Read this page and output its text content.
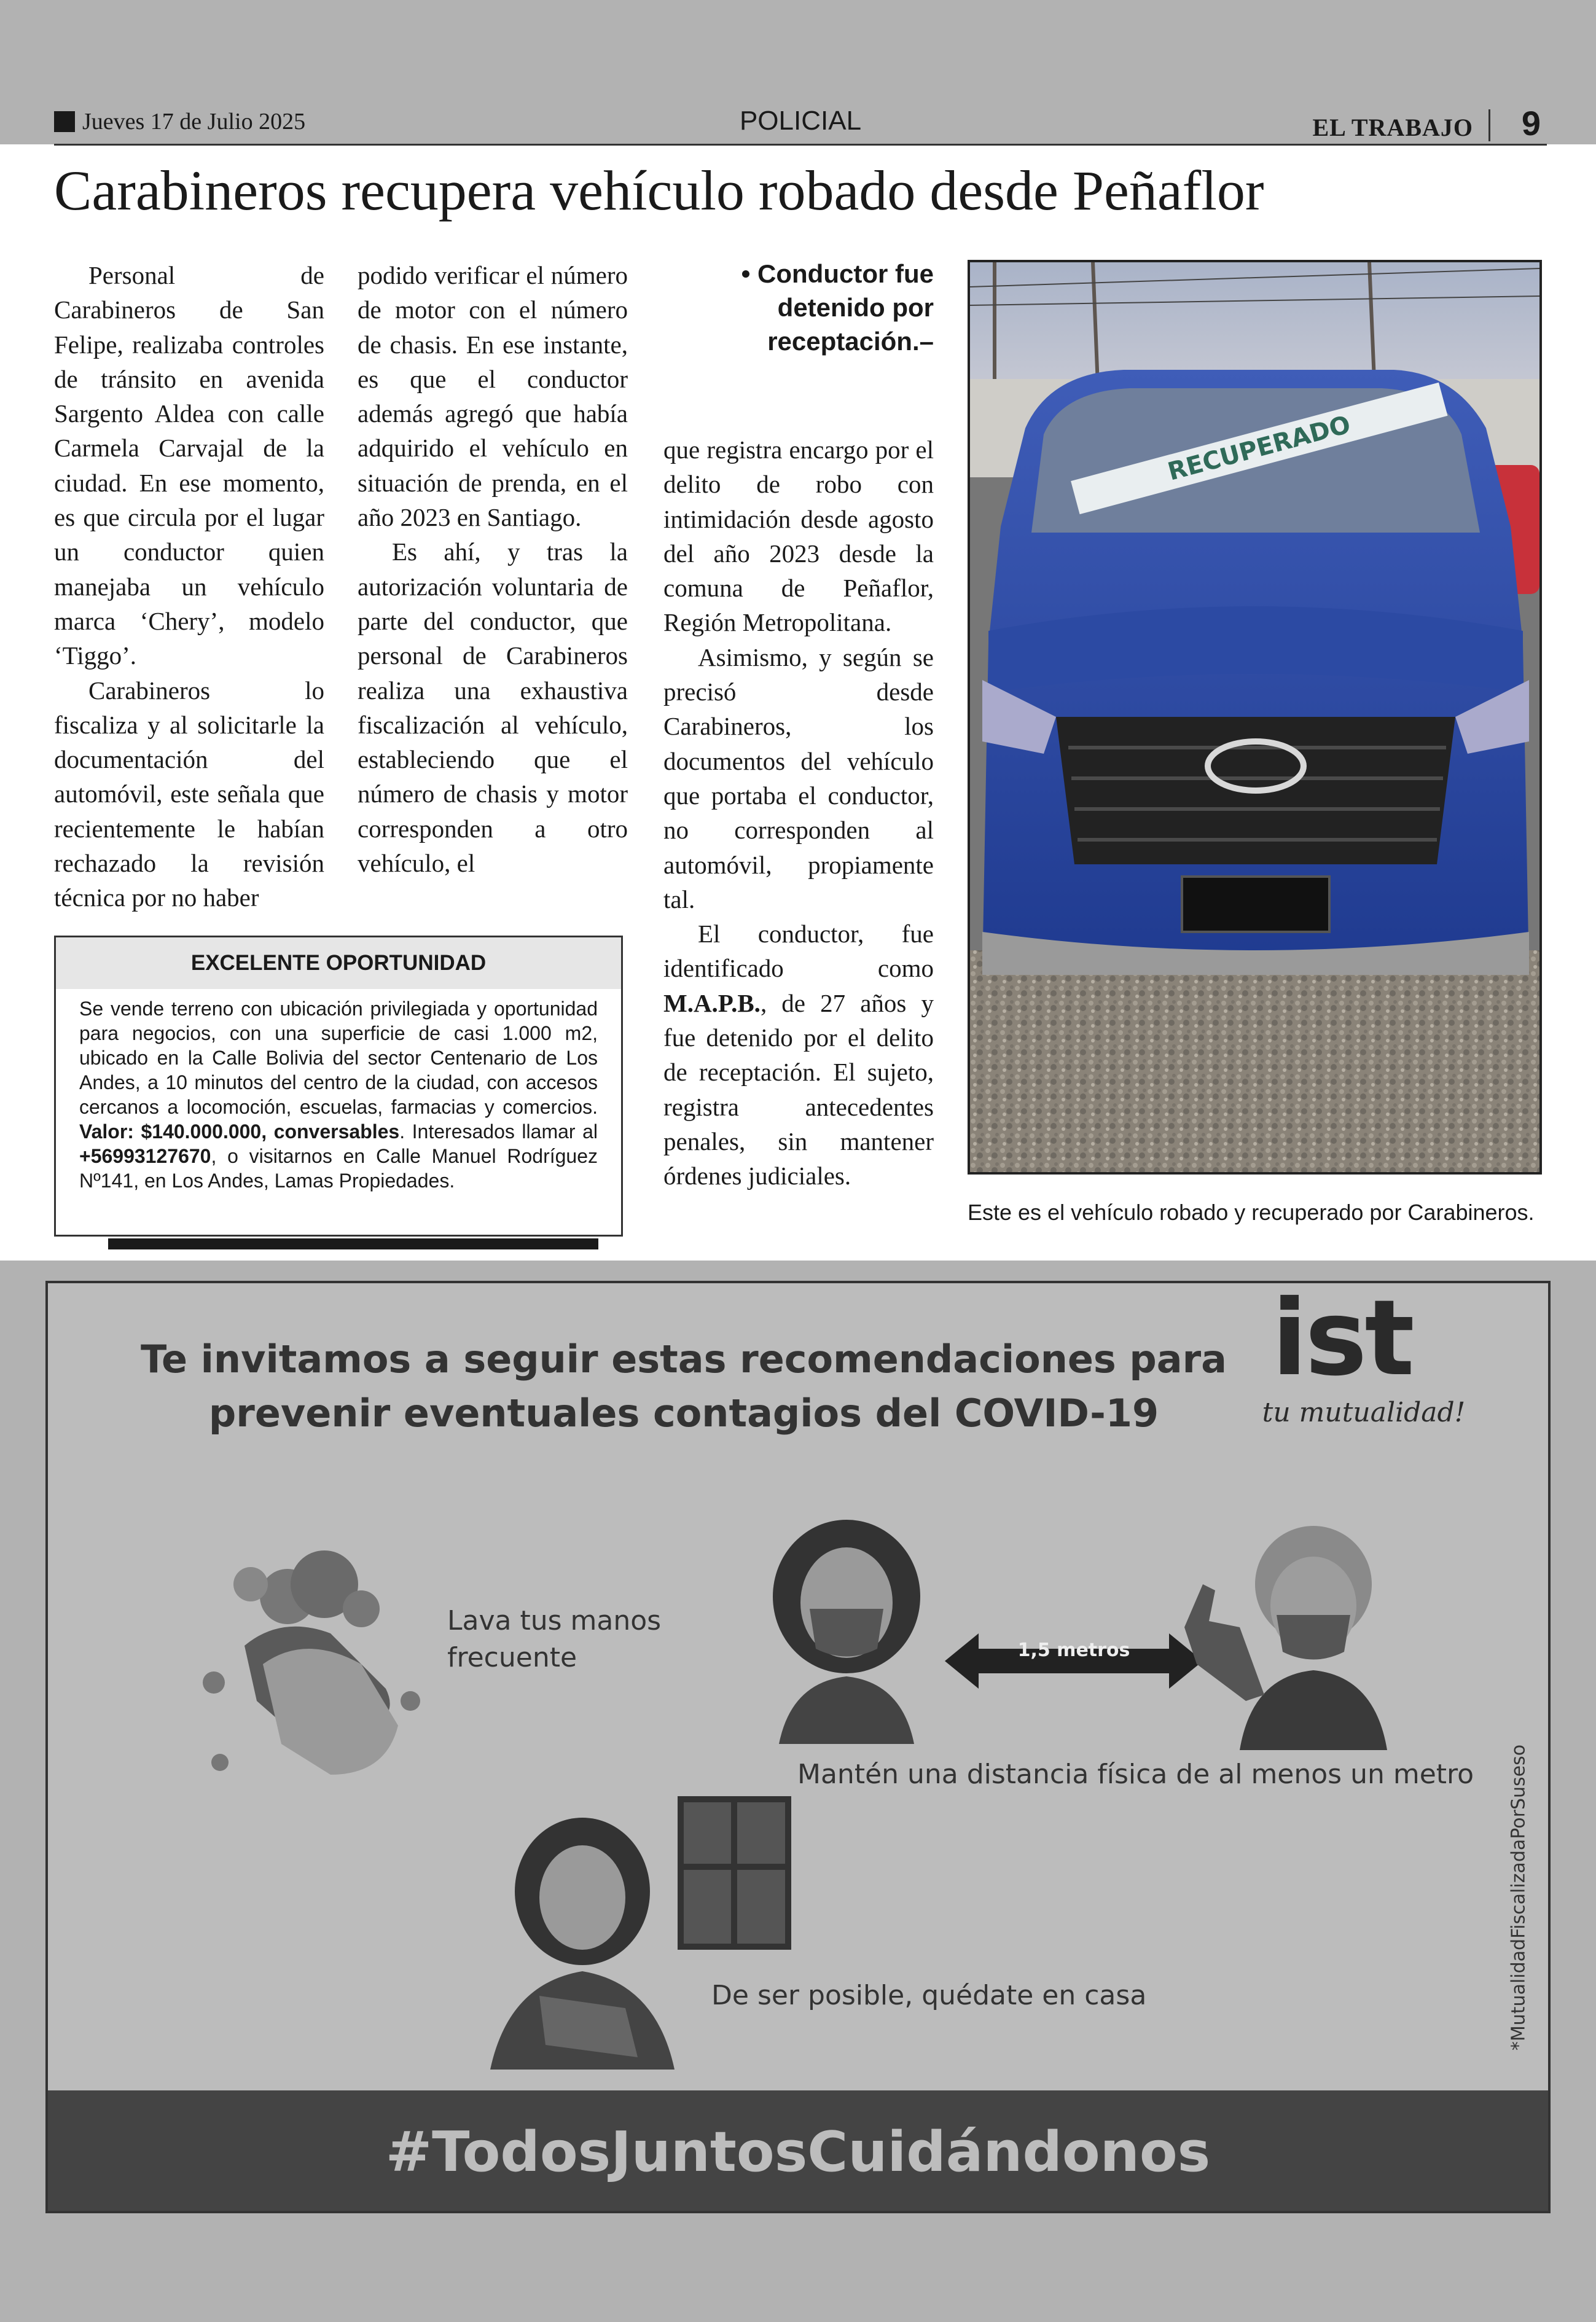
Jueves 17 de Julio 2025	POLICIAL	EL TRABAJO 9
Carabineros recupera vehículo robado desde Peñaflor

Personal de Carabineros de San Felipe, realizaba controles de tránsito en avenida Sargento Aldea con calle Carmela Carvajal de la ciudad. En ese momento, es que circula por el lugar un conductor quien manejaba un vehículo marca ‘Chery’, modelo ‘Tiggo’.

Carabineros lo fiscaliza y al solicitarle la documentación del automóvil, este señala que recientemente le habían rechazado la revisión técnica por no haber

podido verificar el número de motor con el número de chasis. En ese instante, es que el conductor además agregó que había adquirido el vehículo en situación de prenda, en el año 2023 en Santiago.

Es ahí, y tras la autorización voluntaria de parte del conductor, que personal de Carabineros realiza una exhaustiva fiscalización al vehículo, estableciendo que el número de chasis y motor corresponden a otro vehículo, el

• Conductor fue detenido por receptación.–

que registra encargo por el delito de robo con intimidación desde agosto del año 2023 desde la comuna de Peñaflor, Región Metropolitana.

Asimismo, y según se precisó desde Carabineros, los documentos del vehículo que portaba el conductor, no corresponden al automóvil, propiamente tal.

El conductor, fue identificado como M.A.P.B., de 27 años y fue detenido por el delito de receptación. El sujeto, registra antecedentes penales, sin mantener órdenes judiciales.

EXCELENTE OPORTUNIDAD
Se vende terreno con ubicación privilegiada y oportunidad para negocios, con una superficie de casi 1.000 m2, ubicado en la Calle Bolivia del sector Centenario de Los Andes, a 10 minutos del centro de la ciudad, con accesos cercanos a locomoción, escuelas, farmacias y comercios. Valor: $140.000.000, conversables. Interesados llamar al +56993127670, o visitarnos en Calle Manuel Rodríguez Nº141, en Los Andes, Lamas Propiedades.
RECUPERADO
Este es el vehículo robado y recuperado por Carabineros.
Te invitamos a seguir estas recomendaciones para
prevenir eventuales contagios del COVID-19
ist
tu mutualidad!
Lava tus manos
frecuente	1,5 metros
Mantén una distancia física de al menos un metro
De ser posible, quédate en casa	*MutualidadFiscalizadaPorSuseso
#TodosJuntosCuidándonos
